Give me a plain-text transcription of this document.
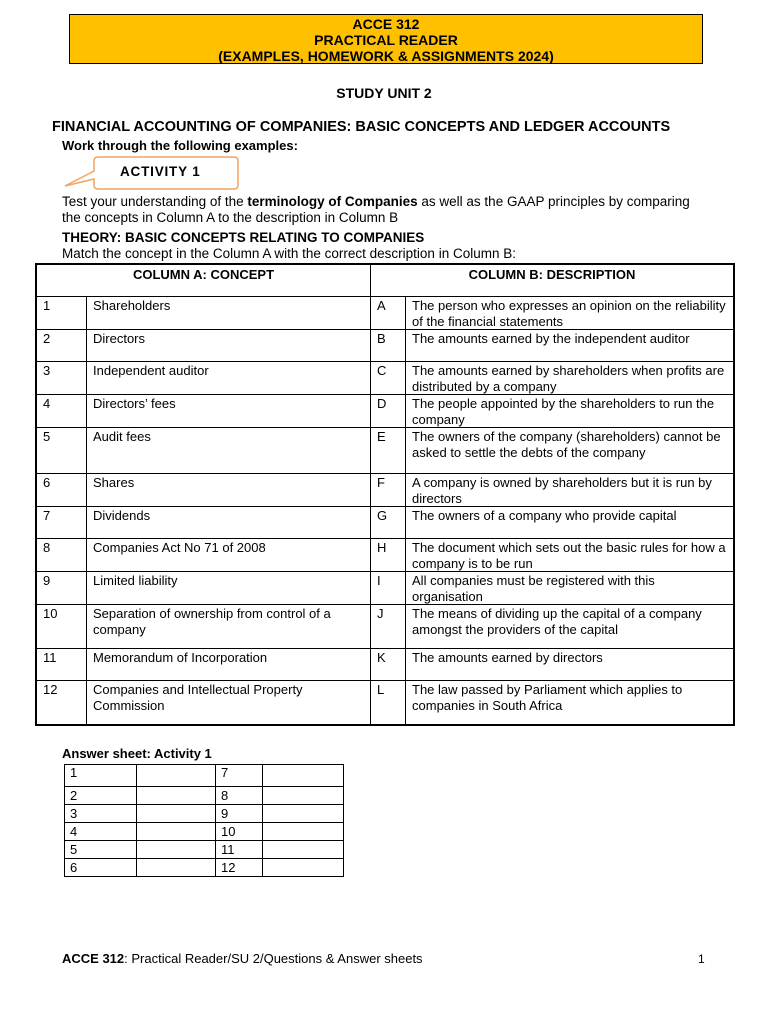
ACCE 312
PRACTICAL READER
(EXAMPLES, HOMEWORK & ASSIGNMENTS 2024)
STUDY UNIT 2
FINANCIAL ACCOUNTING OF COMPANIES: BASIC CONCEPTS AND LEDGER ACCOUNTS
Work through the following examples:
ACTIVITY 1
Test your understanding of the terminology of Companies as well as the GAAP principles by comparing the concepts in Column A to the description in Column B
THEORY: BASIC CONCEPTS RELATING TO COMPANIES
Match the concept in the Column A with the correct description in Column B:
COLUMN A: CONCEPT		COLUMN B: DESCRIPTION	
1	Shareholders	A	The person who expresses an opinion on the reliability of the financial statements
2	Directors	B	The amounts earned by the independent auditor
3	Independent auditor	C	The amounts earned by shareholders when profits are distributed by a company
4	Directors’ fees	D	The people appointed by the shareholders to run the company
5	Audit fees	E	The owners of the company (shareholders) cannot be asked to settle the debts of the company
6	Shares	F	A company is owned by shareholders but it is run by directors
7	Dividends	G	The owners of a company who provide capital
8	Companies Act No 71 of 2008	H	The document which sets out the basic rules for how a company is to be run
9	Limited liability	I	All companies must be registered with this organisation
10	Separation of ownership from control of a company	J	The means of dividing up the capital of a company amongst the providers of the capital
11	Memorandum of Incorporation	K	The amounts earned by directors
12	Companies and Intellectual Property Commission	L	The law passed by Parliament which applies to companies in South Africa
Answer sheet: Activity 1
1		7	
2		8	
3		9	
4		10	
5		11	
6		12	
ACCE 312: Practical Reader/SU 2/Questions & Answer sheets	1
